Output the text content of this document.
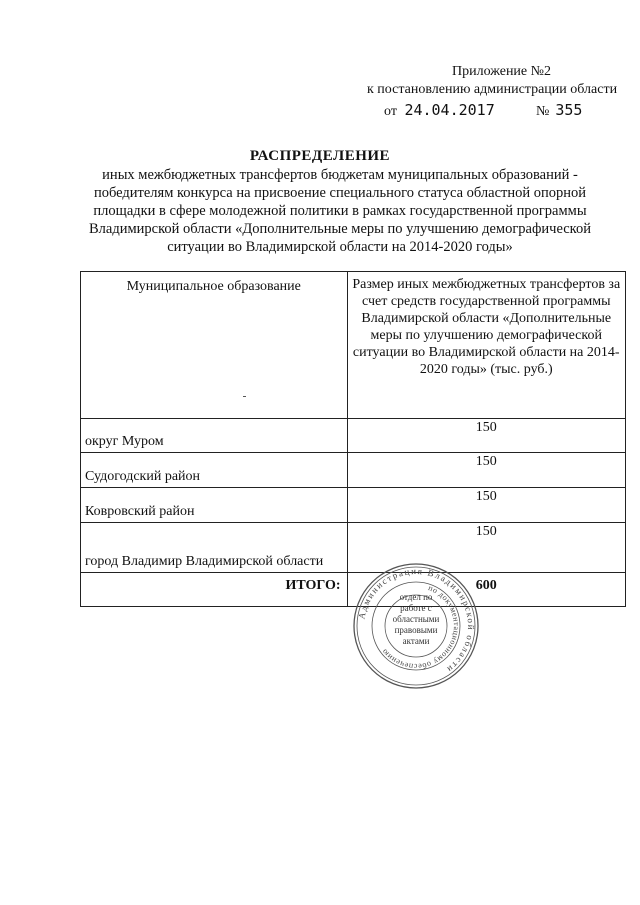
Приложение №2
к постановлению администрации области
от 24.04.2017	№ 355
РАСПРЕДЕЛЕНИЕ
иных межбюджетных трансфертов бюджетам муниципальных образований - победителям конкурса на присвоение специального статуса областной опорной площадки в сфере молодежной политики в рамках государственной программы Владимирской области «Дополнительные меры по улучшению демографической ситуации во Владимирской области на 2014-2020 годы»
Муниципальное образование	Размер иных межбюджетных трансфертов за счет средств государственной программы Владимирской области «Дополнительные меры по улучшению демографической ситуации во Владимирской области на 2014-2020 годы» (тыс. руб.)
округ Муром	150
Судогодский район	150
Ковровский район	150
город Владимир Владимирской области	150
ИТОГО:	600
Администрация Владимирской области
по документационному обеспечению
отдел по работе с областными правовыми актами
